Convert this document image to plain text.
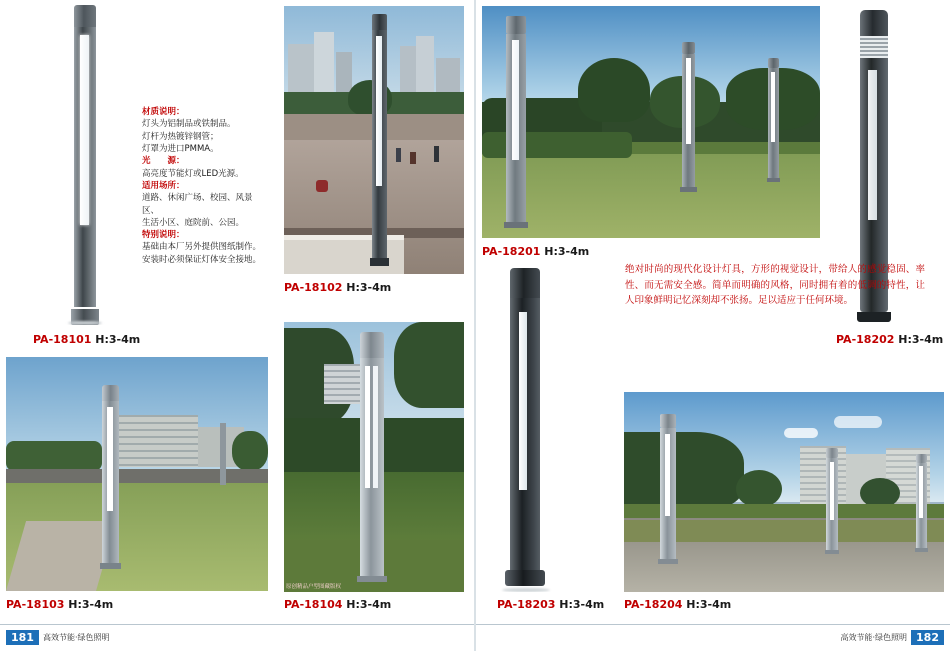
PA-18101 H:3-4m

材质说明：

灯头为铝制品或铁制品。

灯杆为热镀锌钢管；

灯罩为进口PMMA。

光　　源：

高亮度节能灯或LED光源。

适用场所：

道路、休闲广场、校园、风景区、

生活小区、庭院前、公园。

特别说明：

基础由本厂另外提供图纸制作。

安装时必须保证灯体安全接地。

PA-18102 H:3-4m
PA-18201 H:3-4m
PA-18202 H:3-4m
绝对时尚的现代化设计灯具，方形的视觉设计，带给人的感觉稳固、率性、而无需安全感。简单而明确的风格，同时拥有着的低调的特性，让人印象鲜明记忆深刻却不张扬。足以适应于任何环境。
PA-18103 H:3-4m
原创精品户型图藏版权
PA-18104 H:3-4m	PA-18203 H:3-4m PA-18204 H:3-4m
181 高效节能·绿色照明	高效节能·绿色照明 182
